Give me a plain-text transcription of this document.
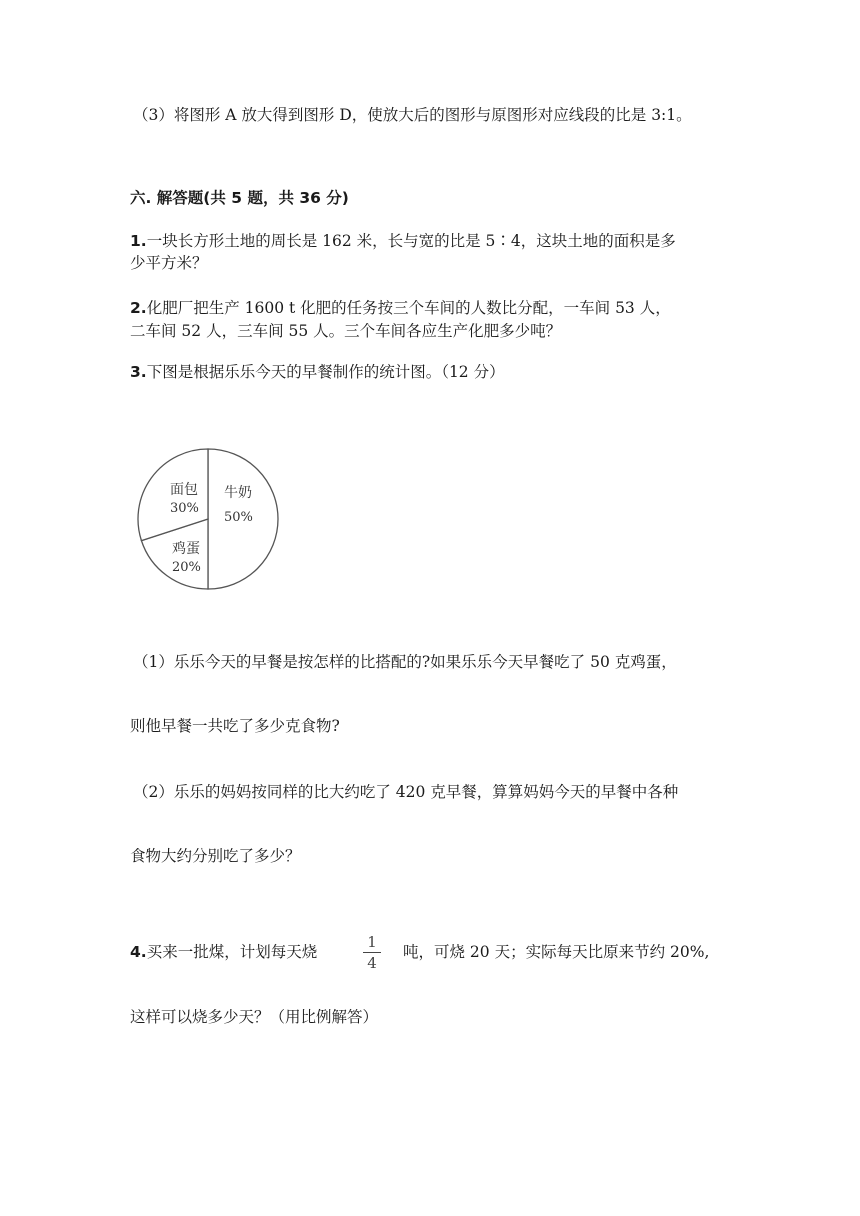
（3）将图形 A 放大得到图形 D，使放大后的图形与原图形对应线段的比是 3:1。
六. 解答题(共 5 题，共 36 分)
1.一块长方形土地的周长是 162 米，长与宽的比是 5∶4，这块土地的面积是多
少平方米？
2.化肥厂把生产 1600 t 化肥的任务按三个车间的人数比分配，一车间 53 人，
二车间 52 人，三车间 55 人。三个车间各应生产化肥多少吨？
3.下图是根据乐乐今天的早餐制作的统计图。（12 分）
牛奶
50%
面包
30%
鸡蛋
20%
（1）乐乐今天的早餐是按怎样的比搭配的?如果乐乐今天早餐吃了 50 克鸡蛋，
则他早餐一共吃了多少克食物?
（2）乐乐的妈妈按同样的比大约吃了 420 克早餐，算算妈妈今天的早餐中各种
食物大约分别吃了多少？
4.买来一批煤，计划每天烧
1
4
吨，可烧 20 天；实际每天比原来节约 20%,
这样可以烧多少天？（用比例解答）
